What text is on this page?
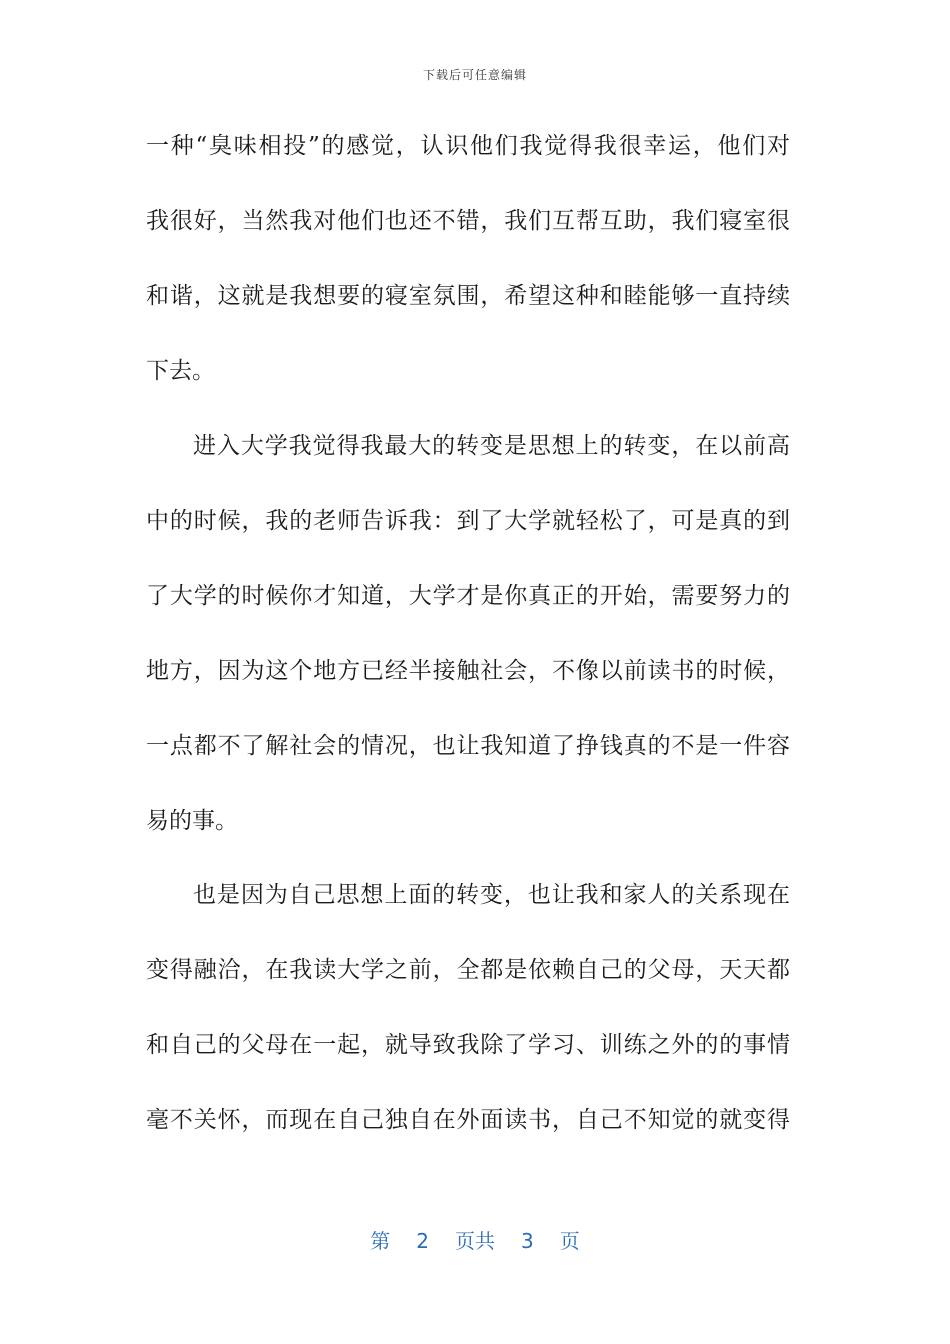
下载后可任意编辑
一种“臭味相投”的感觉，认识他们我觉得我很幸运，他们对
我很好，当然我对他们也还不错，我们互帮互助，我们寝室很
和谐，这就是我想要的寝室氛围，希望这种和睦能够一直持续
下去。
进入大学我觉得我最大的转变是思想上的转变，在以前高
中的时候，我的老师告诉我：到了大学就轻松了，可是真的到
了大学的时候你才知道，大学才是你真正的开始，需要努力的
地方，因为这个地方已经半接触社会，不像以前读书的时候，
一点都不了解社会的情况，也让我知道了挣钱真的不是一件容
易的事。
也是因为自己思想上面的转变，也让我和家人的关系现在
变得融洽，在我读大学之前，全都是依赖自己的父母，天天都
和自己的父母在一起，就导致我除了学习、训练之外的的事情
毫不关怀，而现在自己独自在外面读书，自己不知觉的就变得
第 2 页共 3 页
